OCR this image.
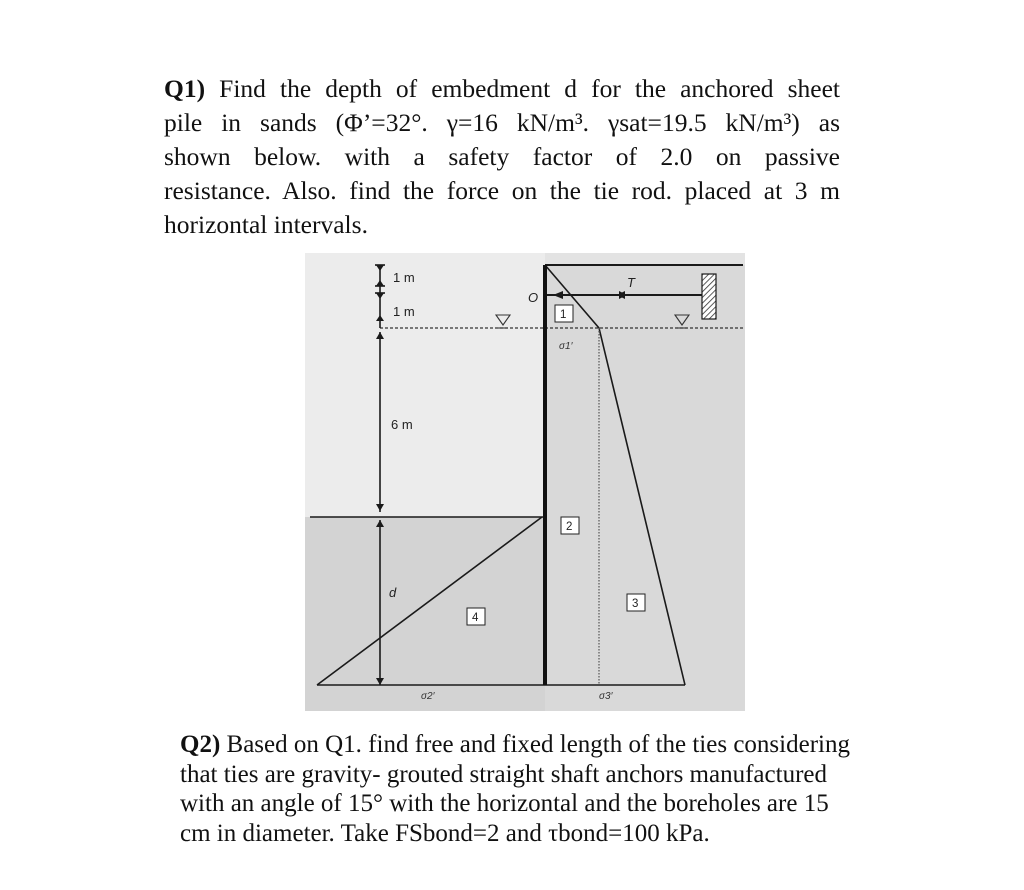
Q1) Find the depth of embedment d for the anchored sheet
pile in sands (Φ’=32°. γ=16 kN/m³. γsat=19.5 kN/m³) as
shown below. with a safety factor of 2.0 on passive
resistance. Also. find the force on the tie rod. placed at 3 m
horizontal intervals.
T
O
1 m
1 m
6 m
d
1
2
3
4
σ1′
σ2′	σ3′
Q2) Based on Q1. find free and fixed length of the ties considering
that ties are gravity- grouted straight shaft anchors manufactured
with an angle of 15° with the horizontal and the boreholes are 15
cm in diameter. Take FSbond=2 and τbond=100 kPa.
